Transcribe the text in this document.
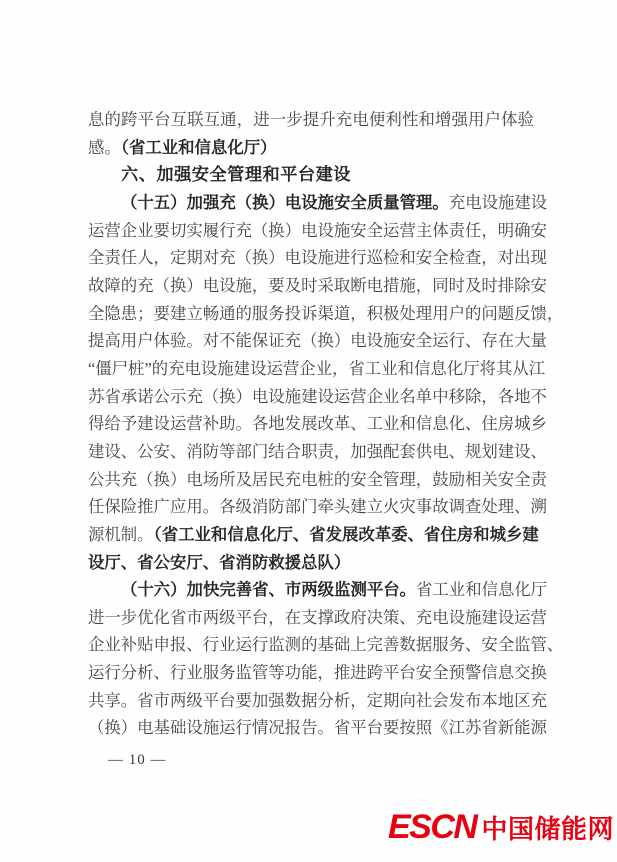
息的跨平台互联互通，进一步提升充电便利性和增强用户体验
感。（省工业和信息化厅）
六、加强安全管理和平台建设
（十五）加强充（换）电设施安全质量管理。充电设施建设
运营企业要切实履行充（换）电设施安全运营主体责任，明确安
全责任人，定期对充（换）电设施进行巡检和安全检查，对出现
故障的充（换）电设施，要及时采取断电措施，同时及时排除安
全隐患；要建立畅通的服务投诉渠道，积极处理用户的问题反馈，
提高用户体验。对不能保证充（换）电设施安全运行、存在大量
“僵尸桩”的充电设施建设运营企业，省工业和信息化厅将其从江
苏省承诺公示充（换）电设施建设运营企业名单中移除，各地不
得给予建设运营补助。各地发展改革、工业和信息化、住房城乡
建设、公安、消防等部门结合职责，加强配套供电、规划建设、
公共充（换）电场所及居民充电桩的安全管理，鼓励相关安全责
任保险推广应用。各级消防部门牵头建立火灾事故调查处理、溯
源机制。（省工业和信息化厅、省发展改革委、省住房和城乡建
设厅、省公安厅、省消防救援总队）
（十六）加快完善省、市两级监测平台。省工业和信息化厅
进一步优化省市两级平台，在支撑政府决策、充电设施建设运营
企业补贴申报、行业运行监测的基础上完善数据服务、安全监管、
运行分析、行业服务监管等功能，推进跨平台安全预警信息交换
共享。省市两级平台要加强数据分析，定期向社会发布本地区充
（换）电基础设施运行情况报告。省平台要按照《江苏省新能源
— 10 —
ESCN 中国储能网
